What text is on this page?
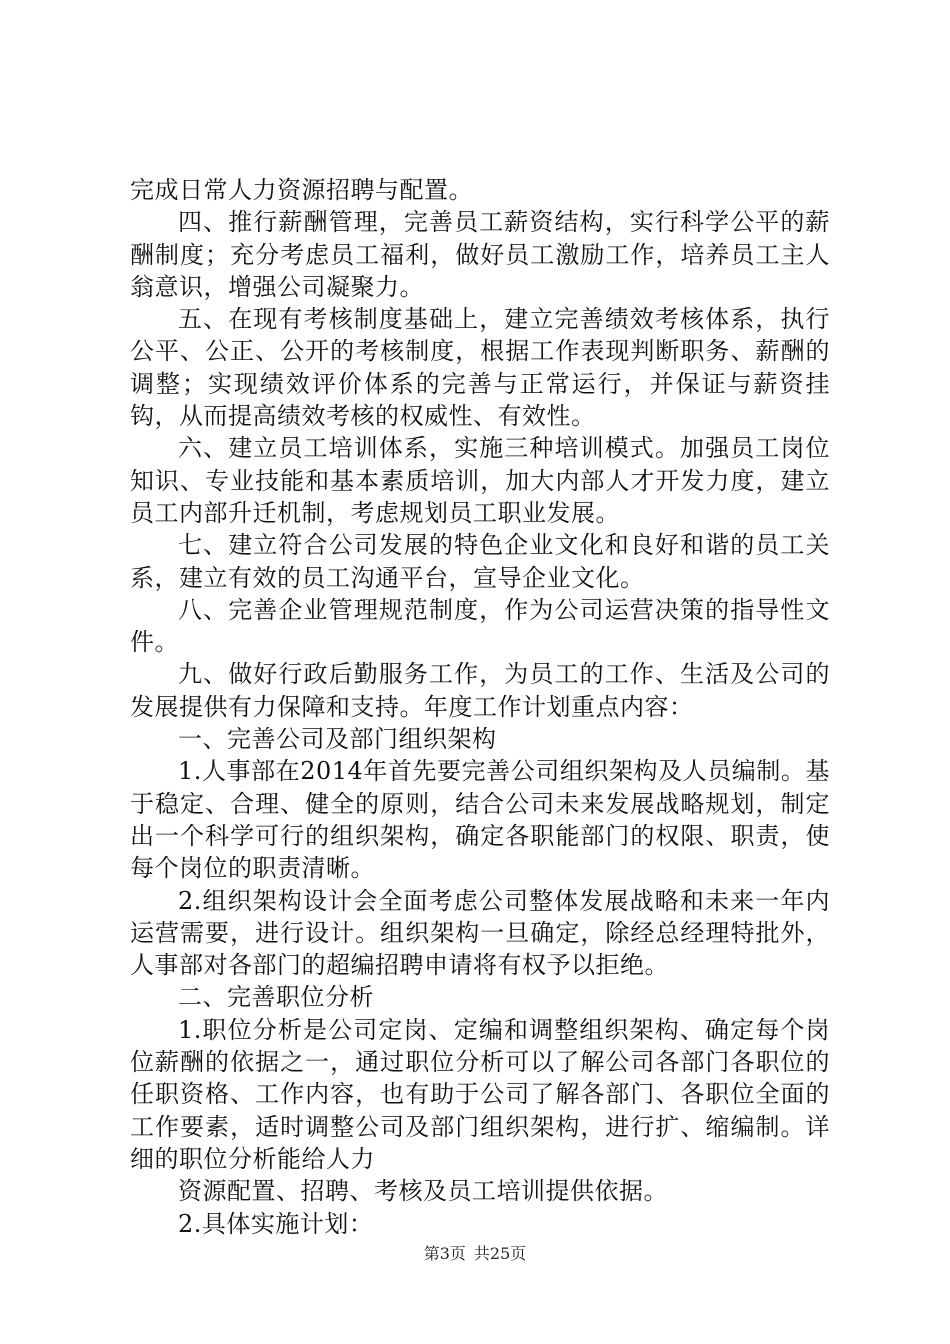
完成日常人力资源招聘与配置。

四、推行薪酬管理，完善员工薪资结构，实行科学公平的薪酬制度；充分考虑员工福利，做好员工激励工作，培养员工主人翁意识，增强公司凝聚力。

五、在现有考核制度基础上，建立完善绩效考核体系，执行公平、公正、公开的考核制度，根据工作表现判断职务、薪酬的调整；实现绩效评价体系的完善与正常运行，并保证与薪资挂钩，从而提高绩效考核的权威性、有效性。

六、建立员工培训体系，实施三种培训模式。加强员工岗位知识、专业技能和基本素质培训，加大内部人才开发力度，建立员工内部升迁机制，考虑规划员工职业发展。

七、建立符合公司发展的特色企业文化和良好和谐的员工关系，建立有效的员工沟通平台，宣导企业文化。

八、完善企业管理规范制度，作为公司运营决策的指导性文件。

九、做好行政后勤服务工作，为员工的工作、生活及公司的发展提供有力保障和支持。年度工作计划重点内容：

一、完善公司及部门组织架构

1.人事部在2014年首先要完善公司组织架构及人员编制。基于稳定、合理、健全的原则，结合公司未来发展战略规划，制定出一个科学可行的组织架构，确定各职能部门的权限、职责，使每个岗位的职责清晰。

2.组织架构设计会全面考虑公司整体发展战略和未来一年内运营需要，进行设计。组织架构一旦确定，除经总经理特批外，人事部对各部门的超编招聘申请将有权予以拒绝。

二、完善职位分析

1.职位分析是公司定岗、定编和调整组织架构、确定每个岗位薪酬的依据之一，通过职位分析可以了解公司各部门各职位的任职资格、工作内容，也有助于公司了解各部门、各职位全面的工作要素，适时调整公司及部门组织架构，进行扩、缩编制。详细的职位分析能给人力

资源配置、招聘、考核及员工培训提供依据。

2.具体实施计划：

第3页 共25页
